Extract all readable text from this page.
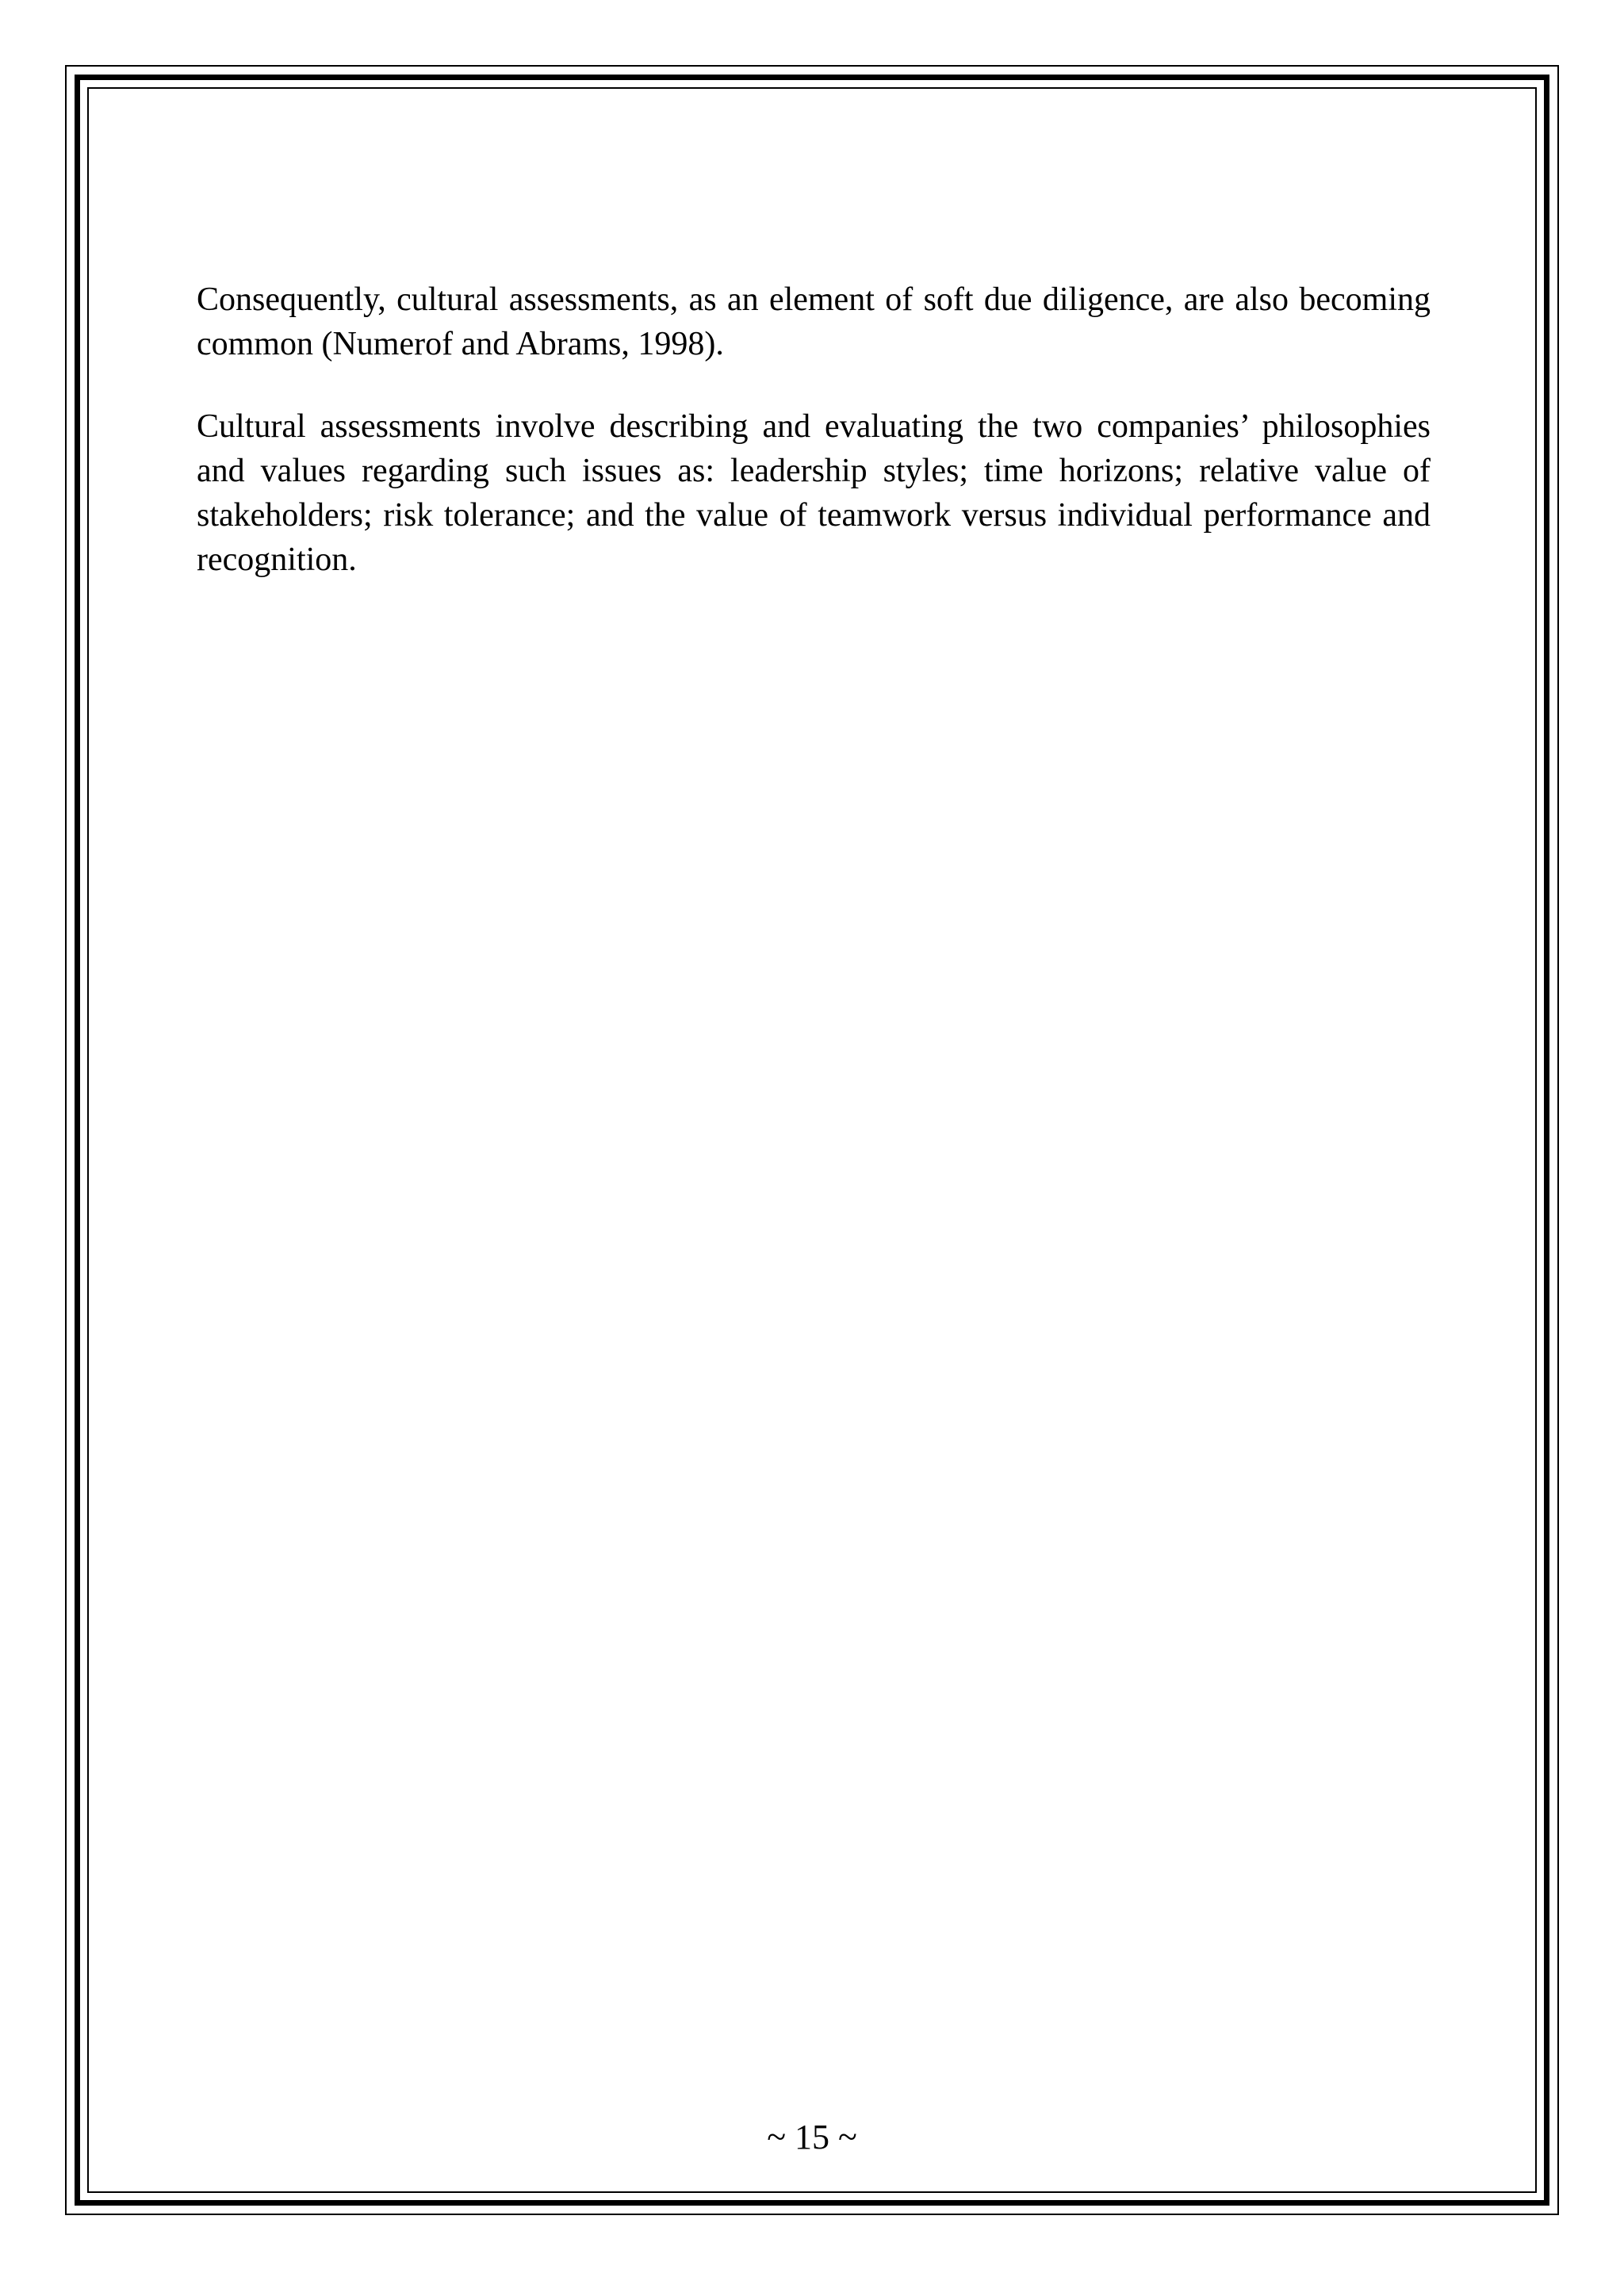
Consequently, cultural assessments, as an element of soft due diligence, are also becoming common (Numerof and Abrams, 1998).

Cultural assessments involve describing and evaluating the two companies’ philosophies and values regarding such issues as: leadership styles; time horizons; relative value of stakeholders; risk tolerance; and the value of teamwork versus individual performance and recognition.

~ 15 ~
